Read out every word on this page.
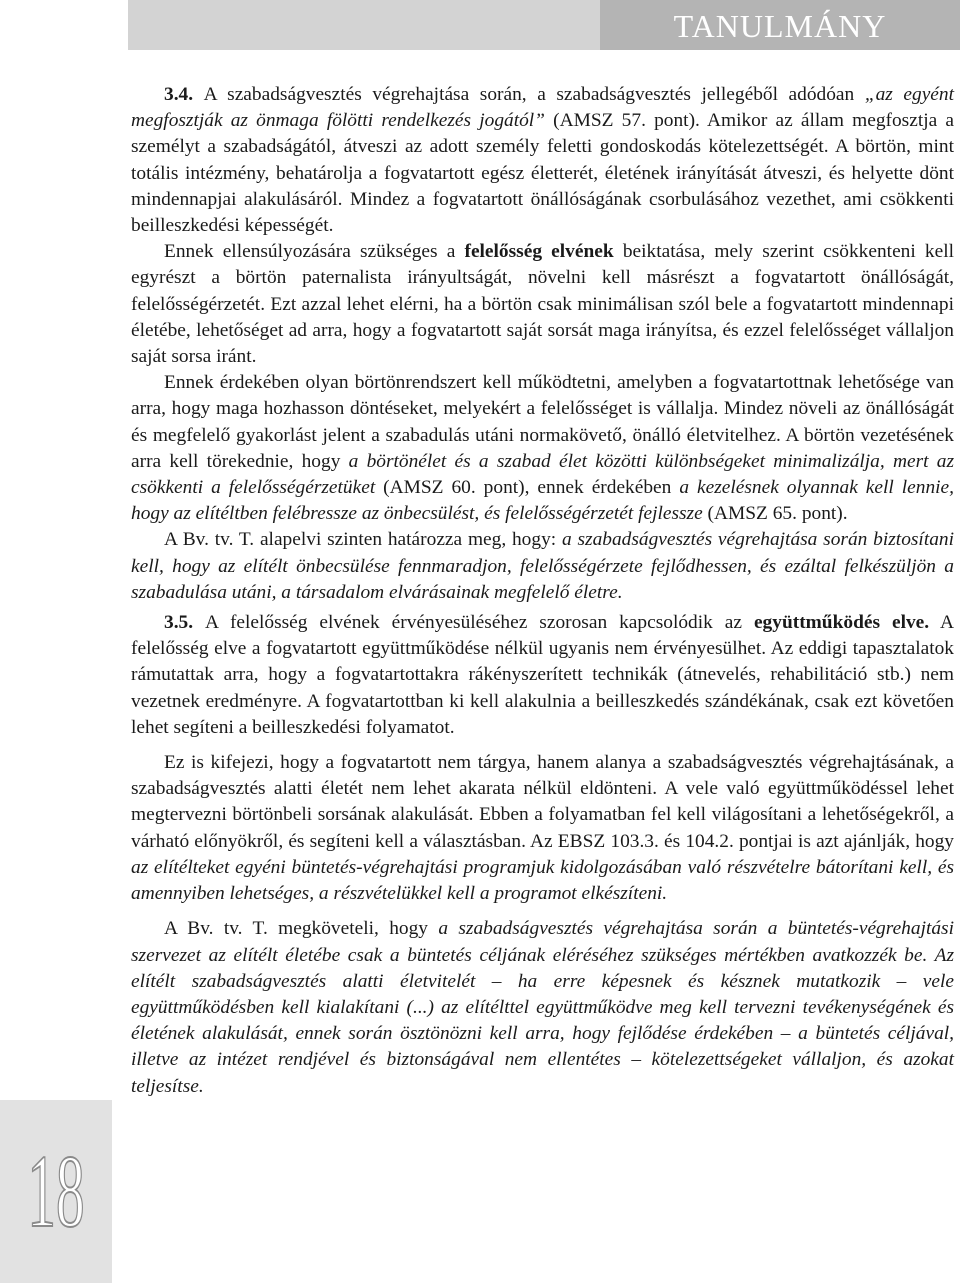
TANULMÁNY
18

3.4. A szabadságvesztés végrehajtása során, a szabadságvesztés jellegéből adódóan „az egyént megfosztják az önmaga fölötti rendelkezés jogától” (AMSZ 57. pont). Amikor az állam megfosztja a személyt a szabadságától, átveszi az adott személy feletti gondoskodás kötelezettségét. A börtön, mint totális intézmény, behatárolja a fogvatartott egész életterét, életének irányítását átveszi, és helyette dönt mindennapjai alakulásáról. Mindez a fogvatartott önállóságának csorbulásához vezethet, ami csökkenti beilleszkedési képességét.

Ennek ellensúlyozására szükséges a felelősség elvének beiktatása, mely szerint csökkenteni kell egyrészt a börtön paternalista irányultságát, növelni kell másrészt a fogvatartott önállóságát, felelősségérzetét. Ezt azzal lehet elérni, ha a börtön csak minimálisan szól bele a fogvatartott mindennapi életébe, lehetőséget ad arra, hogy a fogvatartott saját sorsát maga irányítsa, és ezzel felelősséget vállaljon saját sorsa iránt.

Ennek érdekében olyan börtönrendszert kell működtetni, amelyben a fogvatartottnak lehetősége van arra, hogy maga hozhasson döntéseket, melyekért a felelősséget is vállalja. Mindez növeli az önállóságát és megfelelő gyakorlást jelent a szabadulás utáni normakövető, önálló életvitelhez. A börtön vezetésének arra kell törekednie, hogy a börtönélet és a szabad élet közötti különbségeket minimalizálja, mert az csökkenti a felelősségérzetüket (AMSZ 60. pont), ennek érdekében a kezelésnek olyannak kell lennie, hogy az elítéltben felébressze az önbecsülést, és felelősségérzetét fejlessze (AMSZ 65. pont).

A Bv. tv. T. alapelvi szinten határozza meg, hogy: a szabadságvesztés végrehajtása során biztosítani kell, hogy az elítélt önbecsülése fennmaradjon, felelősségérzete fejlődhessen, és ezáltal felkészüljön a szabadulása utáni, a társadalom elvárásainak megfelelő életre.

3.5. A felelősség elvének érvényesüléséhez szorosan kapcsolódik az együttműködés elve. A felelősség elve a fogvatartott együttműködése nélkül ugyanis nem érvényesülhet. Az eddigi tapasztalatok rámutattak arra, hogy a fogvatartottakra rákényszerített technikák (átnevelés, rehabilitáció stb.) nem vezetnek eredményre. A fogvatartottban ki kell alakulnia a beilleszkedés szándékának, csak ezt követően lehet segíteni a beilleszkedési folyamatot.

Ez is kifejezi, hogy a fogvatartott nem tárgya, hanem alanya a szabadságvesztés végrehajtásának, a szabadságvesztés alatti életét nem lehet akarata nélkül eldönteni. A vele való együttműködéssel lehet megtervezni börtönbeli sorsának alakulását. Ebben a folyamatban fel kell világosítani a lehetőségekről, a várható előnyökről, és segíteni kell a választásban. Az EBSZ 103.3. és 104.2. pontjai is azt ajánlják, hogy az elítélteket egyéni büntetés-végrehajtási programjuk kidolgozásában való részvételre bátorítani kell, és amennyiben lehetséges, a részvételükkel kell a programot elkészíteni.

A Bv. tv. T. megköveteli, hogy a szabadságvesztés végrehajtása során a büntetés-végrehajtási szervezet az elítélt életébe csak a büntetés céljának eléréséhez szükséges mértékben avatkozzék be. Az elítélt szabadságvesztés alatti életvitelét – ha erre képesnek és késznek mutatkozik – vele együttműködésben kell kialakítani (...) az elítélttel együttműködve meg kell tervezni tevékenységének és életének alakulását, ennek során ösztönözni kell arra, hogy fejlődése érdekében – a büntetés céljával, illetve az intézet rendjével és biztonságával nem ellentétes – kötelezettségeket vállaljon, és azokat teljesítse.
